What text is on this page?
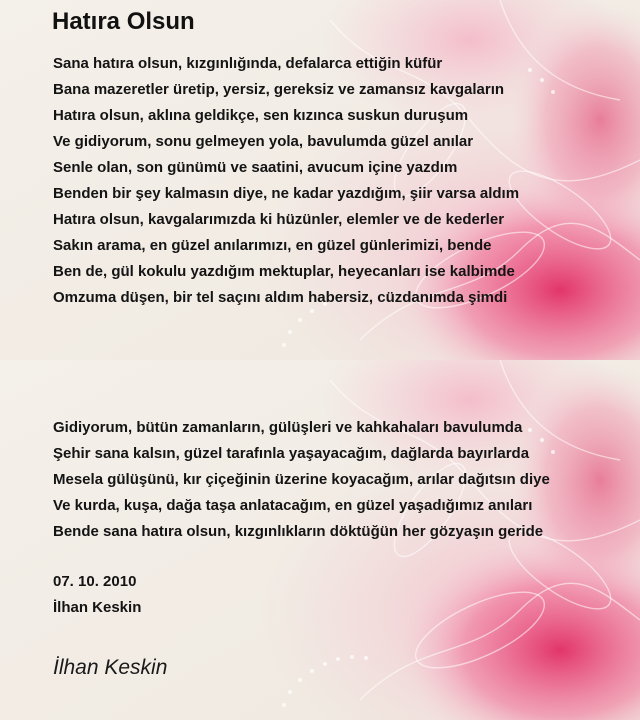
Hatıra Olsun
Sana hatıra olsun, kızgınlığında, defalarca ettiğin küfür
Bana mazeretler üretip, yersiz, gereksiz ve zamansız kavgaların
Hatıra olsun, aklına geldikçe, sen kızınca suskun duruşum
Ve gidiyorum, sonu gelmeyen yola, bavulumda güzel anılar
Senle olan, son günümü ve saatini, avucum içine yazdım
Benden bir şey kalmasın diye, ne kadar yazdığım, şiir varsa aldım
Hatıra olsun, kavgalarımızda ki hüzünler, elemler ve de kederler
Sakın arama, en güzel anılarımızı, en güzel günlerimizi, bende
Ben de, gül kokulu yazdığım mektuplar, heyecanları ise kalbimde
Omzuma düşen, bir tel saçını aldım habersiz, cüzdanımda şimdi
Gidiyorum, bütün zamanların, gülüşleri ve kahkahaları bavulumda
Şehir sana kalsın, güzel tarafınla yaşayacağım, dağlarda bayırlarda
Mesela gülüşünü, kır çiçeğinin üzerine koyacağım, arılar dağıtsın diye
Ve kurda, kuşa, dağa taşa anlatacağım, en güzel yaşadığımız anıları
Bende sana hatıra olsun, kızgınlıkların döktüğün her gözyaşın geride
07. 10. 2010
İlhan Keskin
İlhan Keskin
